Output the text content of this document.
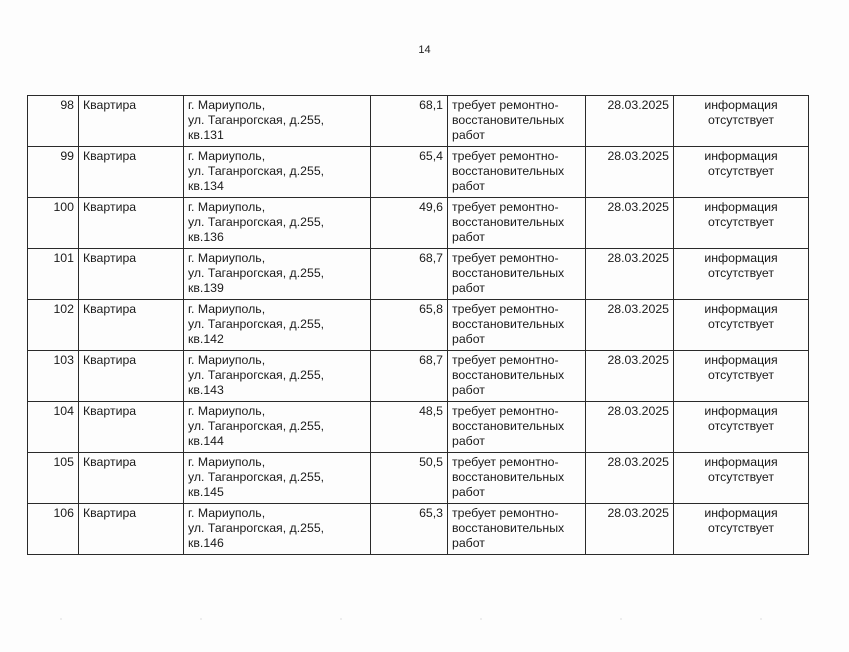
14
98	Квартира	г. Мариуполь,
ул. Таганрогская, д.255,
кв.131	68,1	требует ремонтно-
восстановительных
работ	28.03.2025	информация
отсутствует

99	Квартира	г. Мариуполь,
ул. Таганрогская, д.255,
кв.134	65,4	требует ремонтно-
восстановительных
работ	28.03.2025	информация
отсутствует

100	Квартира	г. Мариуполь,
ул. Таганрогская, д.255,
кв.136	49,6	требует ремонтно-
восстановительных
работ	28.03.2025	информация
отсутствует

101	Квартира	г. Мариуполь,
ул. Таганрогская, д.255,
кв.139	68,7	требует ремонтно-
восстановительных
работ	28.03.2025	информация
отсутствует

102	Квартира	г. Мариуполь,
ул. Таганрогская, д.255,
кв.142	65,8	требует ремонтно-
восстановительных
работ	28.03.2025	информация
отсутствует

103	Квартира	г. Мариуполь,
ул. Таганрогская, д.255,
кв.143	68,7	требует ремонтно-
восстановительных
работ	28.03.2025	информация
отсутствует

104	Квартира	г. Мариуполь,
ул. Таганрогская, д.255,
кв.144	48,5	требует ремонтно-
восстановительных
работ	28.03.2025	информация
отсутствует

105	Квартира	г. Мариуполь,
ул. Таганрогская, д.255,
кв.145	50,5	требует ремонтно-
восстановительных
работ	28.03.2025	информация
отсутствует

106	Квартира	г. Мариуполь,
ул. Таганрогская, д.255,
кв.146	65,3	требует ремонтно-
восстановительных
работ	28.03.2025	информация
отсутствует
